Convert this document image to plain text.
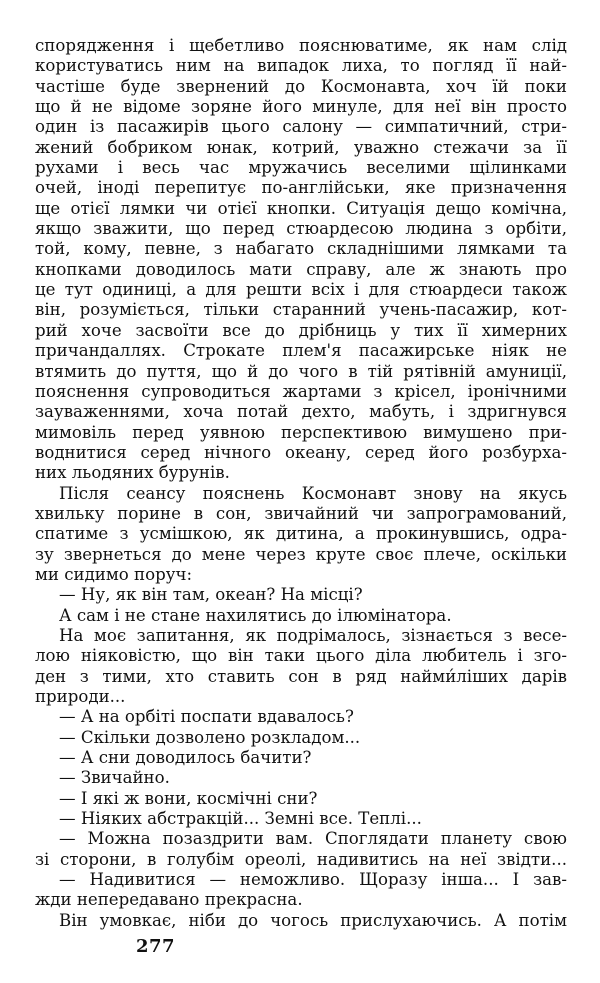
спорядження і щебетливо пояснюватиме, як нам слід
користуватись ним на випадок лиха, то погляд її най-
частіше буде звернений до Космонавта, хоч їй поки
що й не відоме зоряне його минуле, для неї він просто
один із пасажирів цього салону — симпатичний, стри-
жений бобриком юнак, котрий, уважно стежачи за її
рухами і весь час мружачись веселими щілинками
очей, іноді перепитує по-англійськи, яке призначення
ще отієї лямки чи отієї кнопки. Ситуація дещо комічна,
якщо зважити, що перед стюардесою людина з орбіти,
той, кому, певне, з набагато складнішими лямками та
кнопками доводилось мати справу, але ж знають про
це тут одиниці, а для решти всіх і для стюардеси також
він, розуміється, тільки старанний учень-пасажир, кот-
рий хоче засвоїти все до дрібниць у тих її химерних
причандаллях. Строкате плем'я пасажирське ніяк не
втямить до пуття, що й до чого в тій рятівній амуниції,
пояснення супроводиться жартами з крісел, іронічними
зауваженнями, хоча потай дехто, мабуть, і здригнувся
мимовіль перед уявною перспективою вимушено при-
воднитися серед нічного океану, серед його розбурха-
них льодяних бурунів.
Після сеансу пояснень Космонавт знову на якусь
хвильку порине в сон, звичайний чи запрограмований,
спатиме з усмішкою, як дитина, а прокинувшись, одра-
зу звернеться до мене через круте своє плече, оскільки
ми сидимо поруч:
— Ну, як він там, океан? На місці?
А сам і не стане нахилятись до ілюмінатора.
На моє запитання, як подрімалось, зізнається з весе-
лою ніяковістю, що він таки цього діла любитель і зго-
ден з тими, хто ставить сон в ряд найми́ліших дарів
природи...
— А на орбіті поспати вдавалось?
— Скільки дозволено розкладом...
— А сни доводилось бачити?
— Звичайно.
— І які ж вони, космічні сни?
— Ніяких абстракцій... Земні все. Теплі...
— Можна позаздрити вам. Споглядати планету свою
зі сторони, в голубім ореолі, надивитись на неї звідти...
— Надивитися — неможливо. Щоразу інша... І зав-
жди непередавано прекрасна.
Він умовкає, ніби до чогось прислухаючись. А потім
277
